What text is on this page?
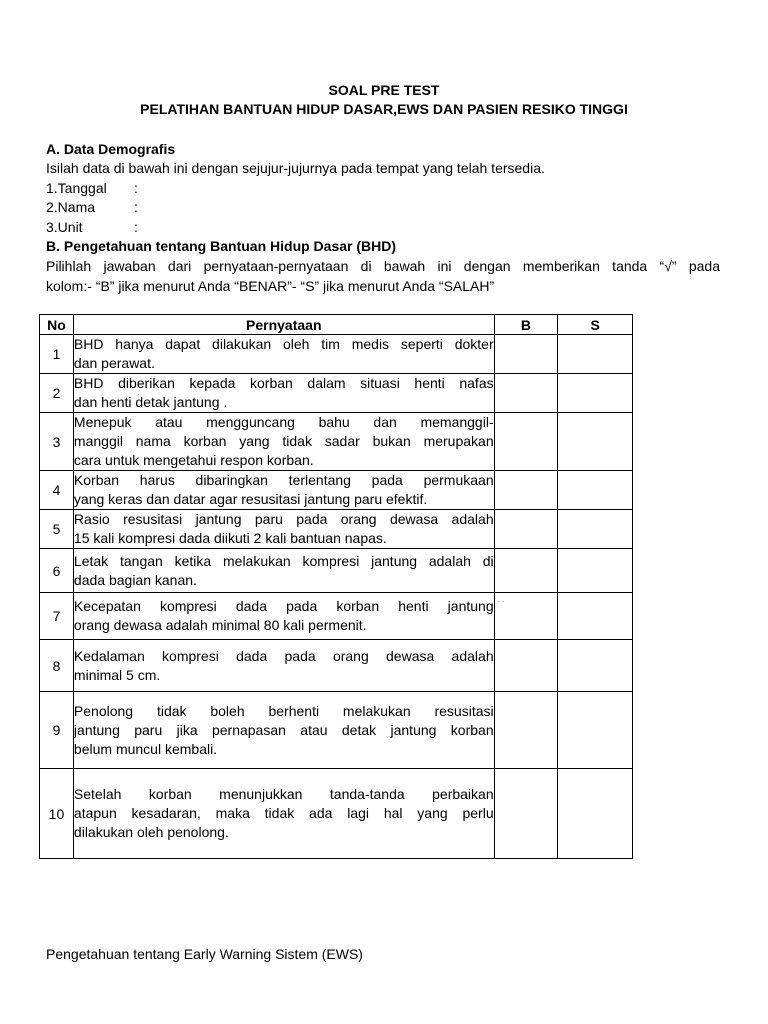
SOAL PRE TEST
PELATIHAN BANTUAN HIDUP DASAR,EWS DAN PASIEN RESIKO TINGGI
A. Data Demografis
Isilah data di bawah ini dengan sejujur-jujurnya pada tempat yang telah tersedia.
1.Tanggal :
2.Nama	:
3.Unit	:
B. Pengetahuan tentang Bantuan Hidup Dasar (BHD)
Pilihlah jawaban dari pernyataan-pernyataan di bawah ini dengan memberikan tanda “√” pada
kolom:- “B” jika menurut Anda “BENAR”- “S” jika menurut Anda “SALAH”
No	Pernyataan	B	S
1	BHD hanya dapat dilakukan oleh tim medis seperti dokter
dan perawat.		

2	BHD diberikan kepada korban dalam situasi henti nafas
dan henti detak jantung .		

3	Menepuk atau mengguncang bahu dan memanggil-
manggil nama korban yang tidak sadar bukan merupakan
cara untuk mengetahui respon korban.		

4	Korban harus dibaringkan terlentang pada permukaan
yang keras dan datar agar resusitasi jantung paru efektif.		

5	Rasio resusitasi jantung paru pada orang dewasa adalah
15 kali kompresi dada diikuti 2 kali bantuan napas.		

6	Letak tangan ketika melakukan kompresi jantung adalah di
dada bagian kanan.		

7	Kecepatan kompresi dada pada korban henti jantung
orang dewasa adalah minimal 80 kali permenit.	. .	

8	Kedalaman kompresi dada pada orang dewasa adalah
minimal 5 cm.		

9	Penolong tidak boleh berhenti melakukan resusitasi
jantung paru jika pernapasan atau detak jantung korban
belum muncul kembali.		

10	Setelah korban menunjukkan tanda-tanda perbaikan
atapun kesadaran, maka tidak ada lagi hal yang perlu
dilakukan oleh penolong.		

Pengetahuan tentang Early Warning Sistem (EWS)
